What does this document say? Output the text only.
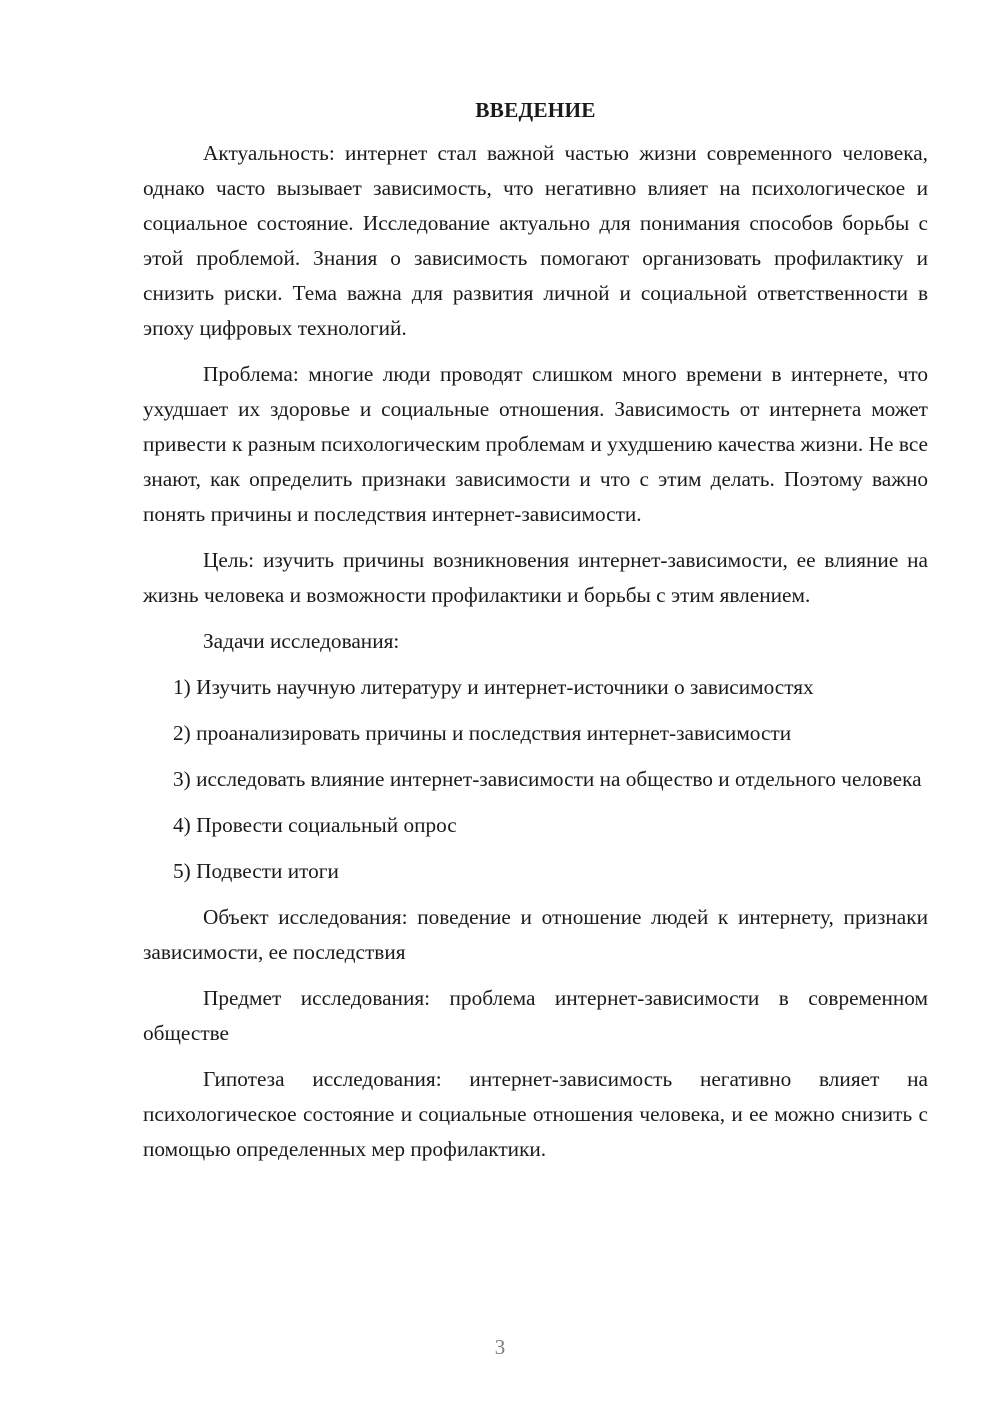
ВВЕДЕНИЕ

Актуальность: интернет стал важной частью жизни современного человека, однако часто вызывает зависимость, что негативно влияет на психологическое и социальное состояние. Исследование актуально для понимания способов борьбы с этой проблемой. Знания о зависимость помогают организовать профилактику и снизить риски. Тема важна для развития личной и социальной ответственности в эпоху цифровых технологий.

Проблема: многие люди проводят слишком много времени в интернете, что ухудшает их здоровье и социальные отношения. Зависимость от интернета может привести к разным психологическим проблемам и ухудшению качества жизни. Не все знают, как определить признаки зависимости и что с этим делать. Поэтому важно понять причины и последствия интернет-зависимости.

Цель: изучить причины возникновения интернет-зависимости, ее влияние на жизнь человека и возможности профилактики и борьбы с этим явлением.

Задачи исследования:

1) Изучить научную литературу и интернет-источники о зависимостях

2) проанализировать причины и последствия интернет-зависимости

3) исследовать влияние интернет-зависимости на общество и отдельного человека

4) Провести социальный опрос

5) Подвести итоги

Объект исследования: поведение и отношение людей к интернету, признаки зависимости, ее последствия

Предмет исследования: проблема интернет-зависимости в современном обществе

Гипотеза исследования: интернет-зависимость негативно влияет на психологическое состояние и социальные отношения человека, и ее можно снизить с помощью определенных мер профилактики.

3
